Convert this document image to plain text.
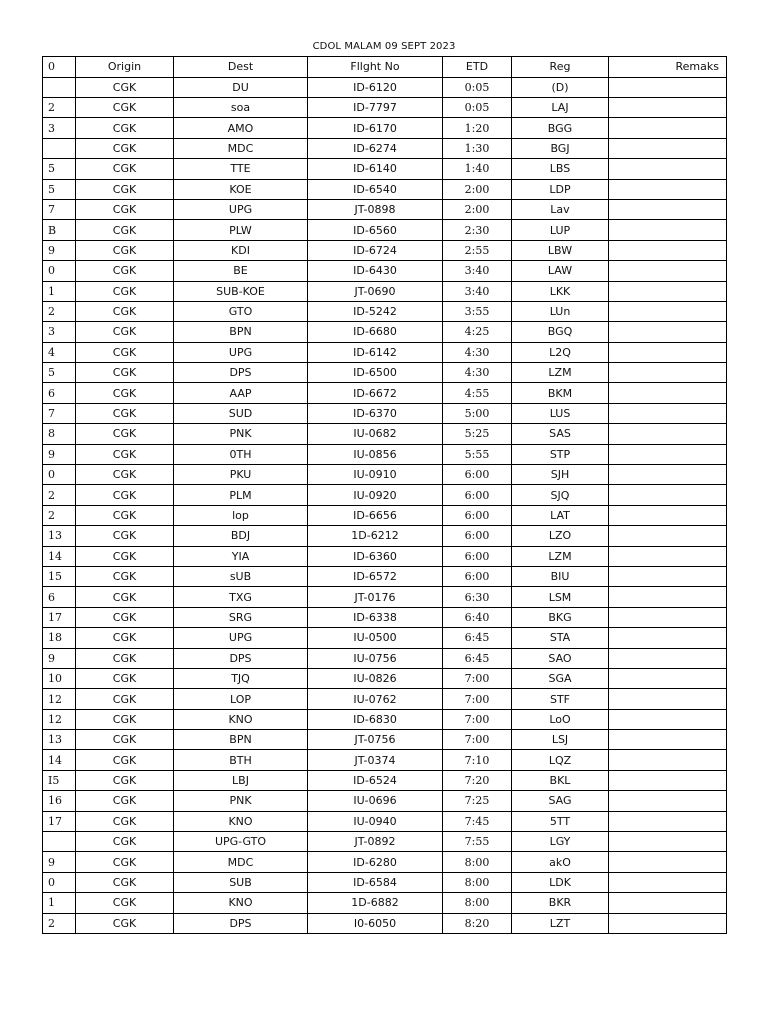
CDOL MALAM 09 SEPT 2023
0	Origin	Dest	Fllght No	ETD	Reg	Remaks
	CGK	DU	ID-6120	0:05	(D)	
2	CGK	soa	ID-7797	0:05	LAJ	
3	CGK	AMO	ID-6170	1:20	BGG	
	CGK	MDC	ID-6274	1:30	BGJ	
5	CGK	TTE	ID-6140	1:40	LBS	
5	CGK	KOE	ID-6540	2:00	LDP	
7	CGK	UPG	JT-0898	2:00	Lav	
B	CGK	PLW	ID-6560	2:30	LUP	
9	CGK	KDI	ID-6724	2:55	LBW	
0	CGK	BE	ID-6430	3:40	LAW	
1	CGK	SUB-KOE	JT-0690	3:40	LKK	
2	CGK	GTO	ID-5242	3:55	LUn	
3	CGK	BPN	ID-6680	4:25	BGQ	
4	CGK	UPG	ID-6142	4:30	L2Q	
5	CGK	DPS	ID-6500	4:30	LZM	
6	CGK	AAP	ID-6672	4:55	BKM	
7	CGK	SUD	ID-6370	5:00	LUS	
8	CGK	PNK	IU-0682	5:25	SAS	
9	CGK	0TH	IU-0856	5:55	STP	
0	CGK	PKU	IU-0910	6:00	SJH	
2	CGK	PLM	IU-0920	6:00	SJQ	
2	CGK	lop	ID-6656	6:00	LAT	
13	CGK	BDJ	1D-6212	6:00	LZO	
14	CGK	YIA	ID-6360	6:00	LZM	
15	CGK	sUB	ID-6572	6:00	BIU	
6	CGK	TXG	JT-0176	6:30	LSM	
17	CGK	SRG	ID-6338	6:40	BKG	
18	CGK	UPG	IU-0500	6:45	STA	
9	CGK	DPS	IU-0756	6:45	SAO	
10	CGK	TJQ	IU-0826	7:00	SGA	
12	CGK	LOP	IU-0762	7:00	STF	
12	CGK	KNO	ID-6830	7:00	LoO	
13	CGK	BPN	JT-0756	7:00	LSJ	
14	CGK	BTH	JT-0374	7:10	LQZ	
I5	CGK	LBJ	ID-6524	7:20	BKL	
16	CGK	PNK	IU-0696	7:25	SAG	
17	CGK	KNO	IU-0940	7:45	5TT	
	CGK	UPG-GTO	JT-0892	7:55	LGY	
9	CGK	MDC	ID-6280	8:00	akO	
0	CGK	SUB	ID-6584	8:00	LDK	
1	CGK	KNO	1D-6882	8:00	BKR	
2	CGK	DPS	I0-6050	8:20	LZT	
